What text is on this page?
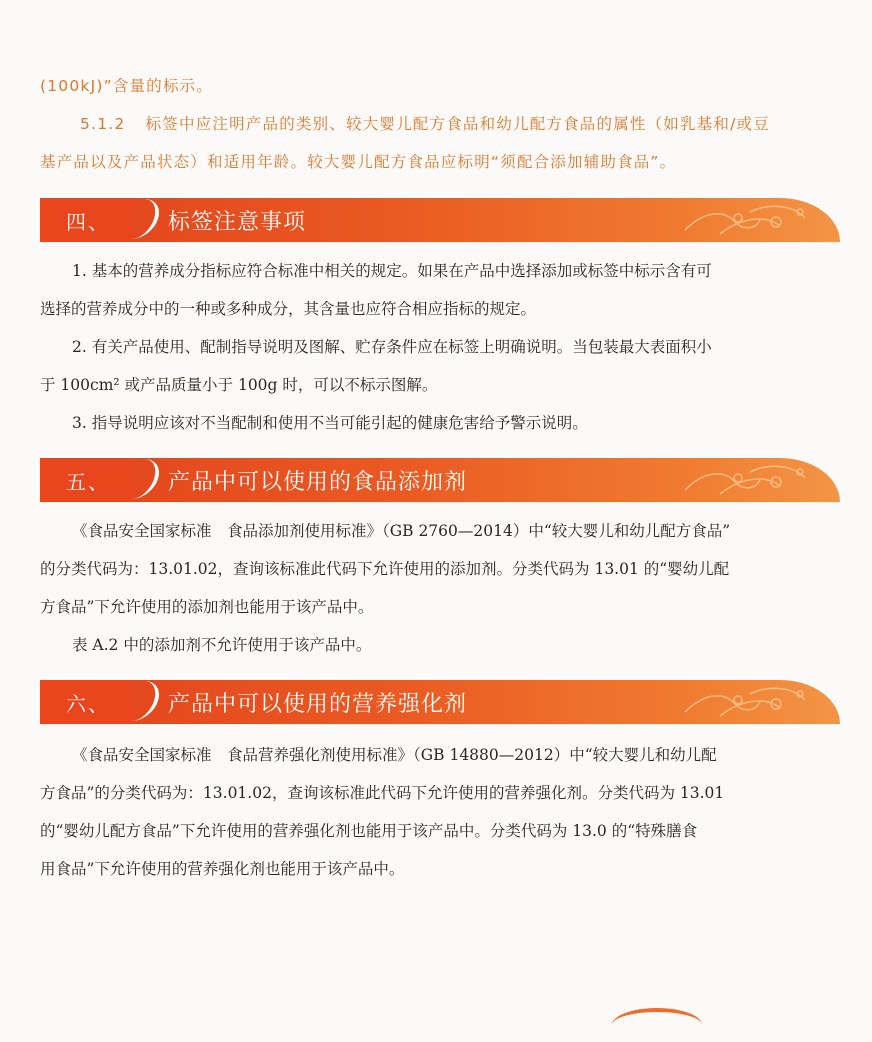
(100kJ)”含量的标示。
5.1.2 标签中应注明产品的类别、较大婴儿配方食品和幼儿配方食品的属性（如乳基和/或豆
基产品以及产品状态）和适用年龄。较大婴儿配方食品应标明“须配合添加辅助食品”。
四、	标签注意事项
1. 基本的营养成分指标应符合标准中相关的规定。如果在产品中选择添加或标签中标示含有可
选择的营养成分中的一种或多种成分，其含量也应符合相应指标的规定。
2. 有关产品使用、配制指导说明及图解、贮存条件应在标签上明确说明。当包装最大表面积小
于 100cm² 或产品质量小于 100g 时，可以不标示图解。
3. 指导说明应该对不当配制和使用不当可能引起的健康危害给予警示说明。
五、	产品中可以使用的食品添加剂
《食品安全国家标准　食品添加剂使用标准》（GB 2760—2014）中“较大婴儿和幼儿配方食品”
的分类代码为：13.01.02，查询该标准此代码下允许使用的添加剂。分类代码为 13.01 的“婴幼儿配
方食品”下允许使用的添加剂也能用于该产品中。
表 A.2 中的添加剂不允许使用于该产品中。
六、	产品中可以使用的营养强化剂
《食品安全国家标准　食品营养强化剂使用标准》（GB 14880—2012）中“较大婴儿和幼儿配
方食品”的分类代码为：13.01.02，查询该标准此代码下允许使用的营养强化剂。分类代码为 13.01
的“婴幼儿配方食品”下允许使用的营养强化剂也能用于该产品中。分类代码为 13.0 的“特殊膳食
用食品”下允许使用的营养强化剂也能用于该产品中。
